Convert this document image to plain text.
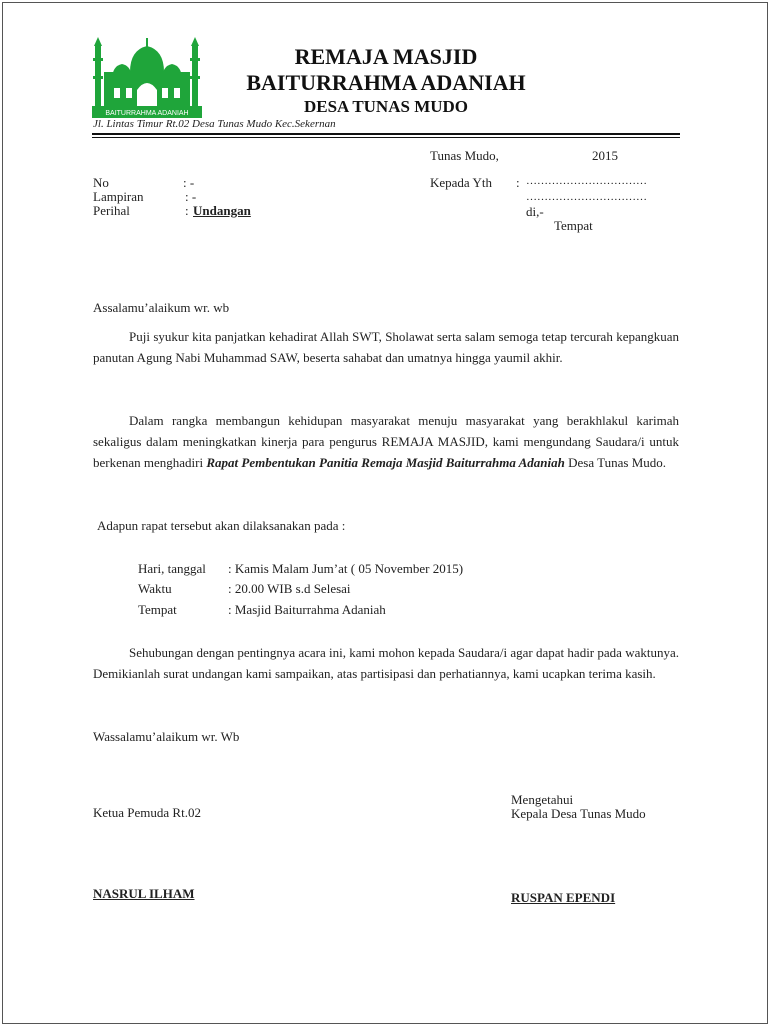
BAITURRAHMA ADANIAH
REMAJA MASJID
BAITURRAHMA ADANIAH
DESA TUNAS MUDO
Jl. Lintas Timur Rt.02 Desa Tunas Mudo Kec.Sekernan
Tunas Mudo,	2015
No	: -
Lampiran	: -
Perihal	: Undangan
Kepada Yth : ……………………………
……………………………
di,-
Tempat
Assalamu’alaikum wr. wb

Puji syukur kita panjatkan kehadirat Allah SWT, Sholawat serta salam semoga tetap tercurah kepangkuan panutan Agung Nabi Muhammad SAW, beserta sahabat dan umatnya hingga yaumil akhir.

Dalam rangka membangun kehidupan masyarakat menuju masyarakat yang berakhlakul karimah sekaligus dalam meningkatkan kinerja para pengurus REMAJA MASJID, kami mengundang Saudara/i untuk berkenan menghadiri Rapat Pembentukan Panitia Remaja Masjid Baiturrahma Adaniah Desa Tunas Mudo.

Adapun rapat tersebut akan dilaksanakan pada :
Hari, tanggal : Kamis Malam Jum’at ( 05 November 2015)
Waktu	: 20.00 WIB s.d Selesai
Tempat	: Masjid Baiturrahma Adaniah

Sehubungan dengan pentingnya acara ini, kami mohon kepada Saudara/i agar dapat hadir pada waktunya. Demikianlah surat undangan kami sampaikan, atas partisipasi dan perhatiannya, kami ucapkan terima kasih.

Wassalamu’alaikum wr. Wb
Ketua Pemuda Rt.02
NASRUL ILHAM
Mengetahui
Kepala Desa Tunas Mudo
RUSPAN EPENDI
